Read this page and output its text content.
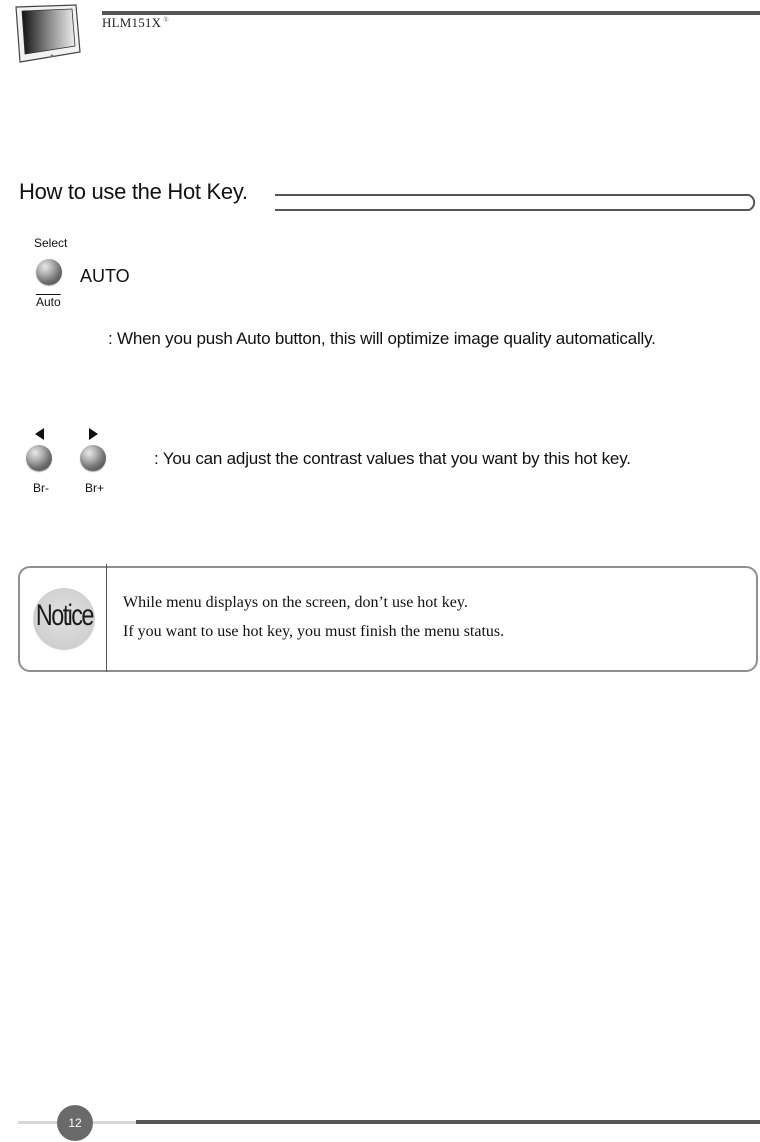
HLM151X ®
How to use the Hot Key.
Select
AUTO
Auto
: When you push Auto button, this will optimize image quality automatically.
Br-	Br+
: You can adjust the contrast values that you want by this hot key.
Notice While menu displays on the screen, don’t use hot key.
If you want to use hot key, you must finish the menu status.
12
